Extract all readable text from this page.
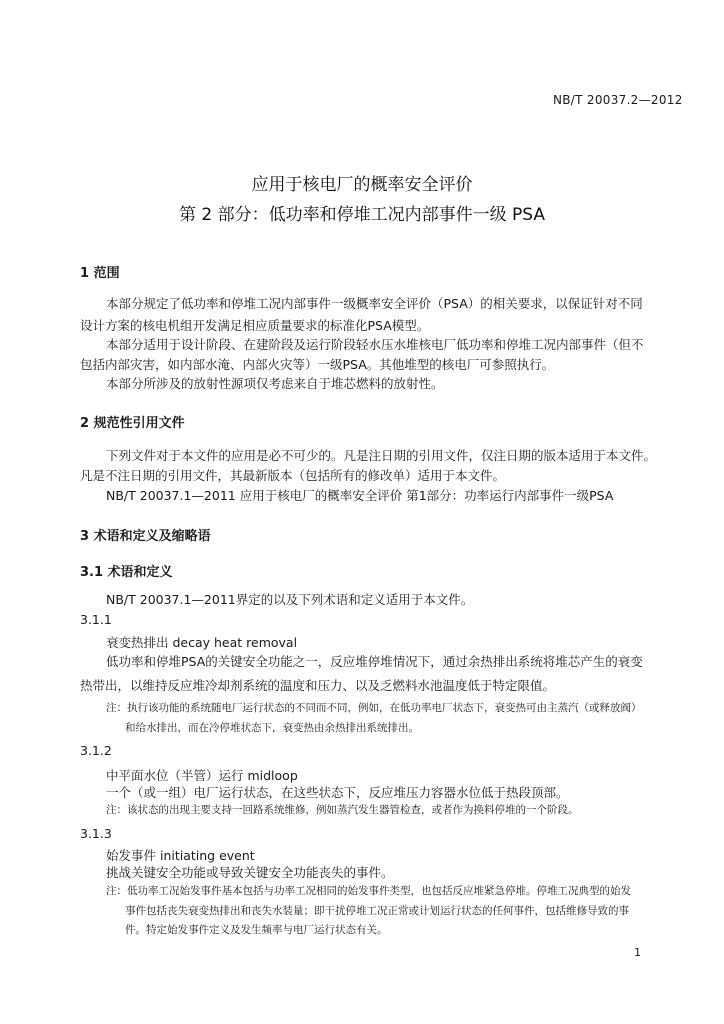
NB/T 20037.2—2012
应用于核电厂的概率安全评价
第 2 部分：低功率和停堆工况内部事件一级 PSA
1 范围
本部分规定了低功率和停堆工况内部事件一级概率安全评价（PSA）的相关要求，以保证针对不同
设计方案的核电机组开发满足相应质量要求的标准化PSA模型。
本部分适用于设计阶段、在建阶段及运行阶段轻水压水堆核电厂低功率和停堆工况内部事件（但不
包括内部灾害，如内部水淹、内部火灾等）一级PSA。其他堆型的核电厂可参照执行。
本部分所涉及的放射性源项仅考虑来自于堆芯燃料的放射性。
2 规范性引用文件
下列文件对于本文件的应用是必不可少的。凡是注日期的引用文件，仅注日期的版本适用于本文件。
凡是不注日期的引用文件，其最新版本（包括所有的修改单）适用于本文件。
NB/T 20037.1—2011 应用于核电厂的概率安全评价 第1部分：功率运行内部事件一级PSA
3 术语和定义及缩略语
3.1 术语和定义
NB/T 20037.1—2011界定的以及下列术语和定义适用于本文件。
3.1.1
衰变热排出 decay heat removal
低功率和停堆PSA的关键安全功能之一，反应堆停堆情况下，通过余热排出系统将堆芯产生的衰变
热带出，以维持反应堆冷却剂系统的温度和压力、以及乏燃料水池温度低于特定限值。
注：执行该功能的系统随电厂运行状态的不同而不同，例如，在低功率电厂状态下，衰变热可由主蒸汽（或释放阀）
和给水排出，而在冷停堆状态下，衰变热由余热排出系统排出。
3.1.2
中平面水位（半管）运行 midloop
一个（或一组）电厂运行状态，在这些状态下，反应堆压力容器水位低于热段顶部。
注：该状态的出现主要支持一回路系统维修，例如蒸汽发生器管检查，或者作为换料停堆的一个阶段。
3.1.3
始发事件 initiating event
挑战关键安全功能或导致关键安全功能丧失的事件。
注：低功率工况始发事件基本包括与功率工况相同的始发事件类型，也包括反应堆紧急停堆。停堆工况典型的始发
事件包括丧失衰变热排出和丧失水装量；即干扰停堆工况正常或计划运行状态的任何事件，包括维修导致的事
件。特定始发事件定义及发生频率与电厂运行状态有关。
1
